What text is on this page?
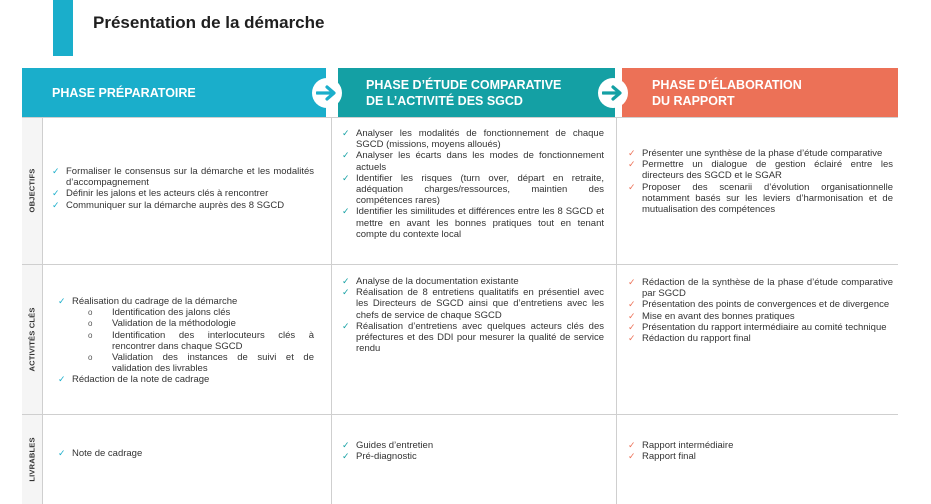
Présentation de la démarche
PHASE PRÉPARATOIRE
PHASE D’ÉTUDE COMPARATIVE
DE L’ACTIVITÉ DES SGCD
PHASE D’ÉLABORATION
DU RAPPORT
OBJECTIFS
ACTIVITÉS CLÉS
LIVRABLES
✓ Formaliser le consensus sur la démarche et les modalités d’accompagnement
✓ Définir les jalons et les acteurs clés à rencontrer
✓ Communiquer sur la démarche auprès des 8 SGCD
✓ Analyser les modalités de fonctionnement de chaque SGCD (missions, moyens alloués)
✓ Analyser les écarts dans les modes de fonctionnement actuels
✓ Identifier les risques (turn over, départ en retraite, adéquation charges/ressources, maintien des compétences rares)
✓ Identifier les similitudes et différences entre les 8 SGCD et mettre en avant les bonnes pratiques tout en tenant compte du contexte local
✓ Présenter une synthèse de la phase d’étude comparative
✓ Permettre un dialogue de gestion éclairé entre les directeurs des SGCD et le SGAR
✓ Proposer des scenarii d’évolution organisationnelle notamment basés sur les leviers d’harmonisation et de mutualisation des compétences
✓ Réalisation du cadrage de la démarche
o Identification des jalons clés
o Validation de la méthodologie
o Identification des interlocuteurs clés à rencontrer dans chaque SGCD
o Validation des instances de suivi et de validation des livrables
✓ Rédaction de la note de cadrage
✓ Analyse de la documentation existante
✓ Réalisation de 8 entretiens qualitatifs en présentiel avec les Directeurs de SGCD ainsi que d’entretiens avec les chefs de service de chaque SGCD
✓ Réalisation d’entretiens avec quelques acteurs clés des préfectures et des DDI pour mesurer la qualité de service rendu
✓ Rédaction de la synthèse de la phase d’étude comparative par SGCD
✓ Présentation des points de convergences et de divergence
✓ Mise en avant des bonnes pratiques
✓ Présentation du rapport intermédiaire au comité technique
✓ Rédaction du rapport final
✓ Note de cadrage
✓ Guides d’entretien
✓ Pré-diagnostic
✓ Rapport intermédiaire
✓ Rapport final
